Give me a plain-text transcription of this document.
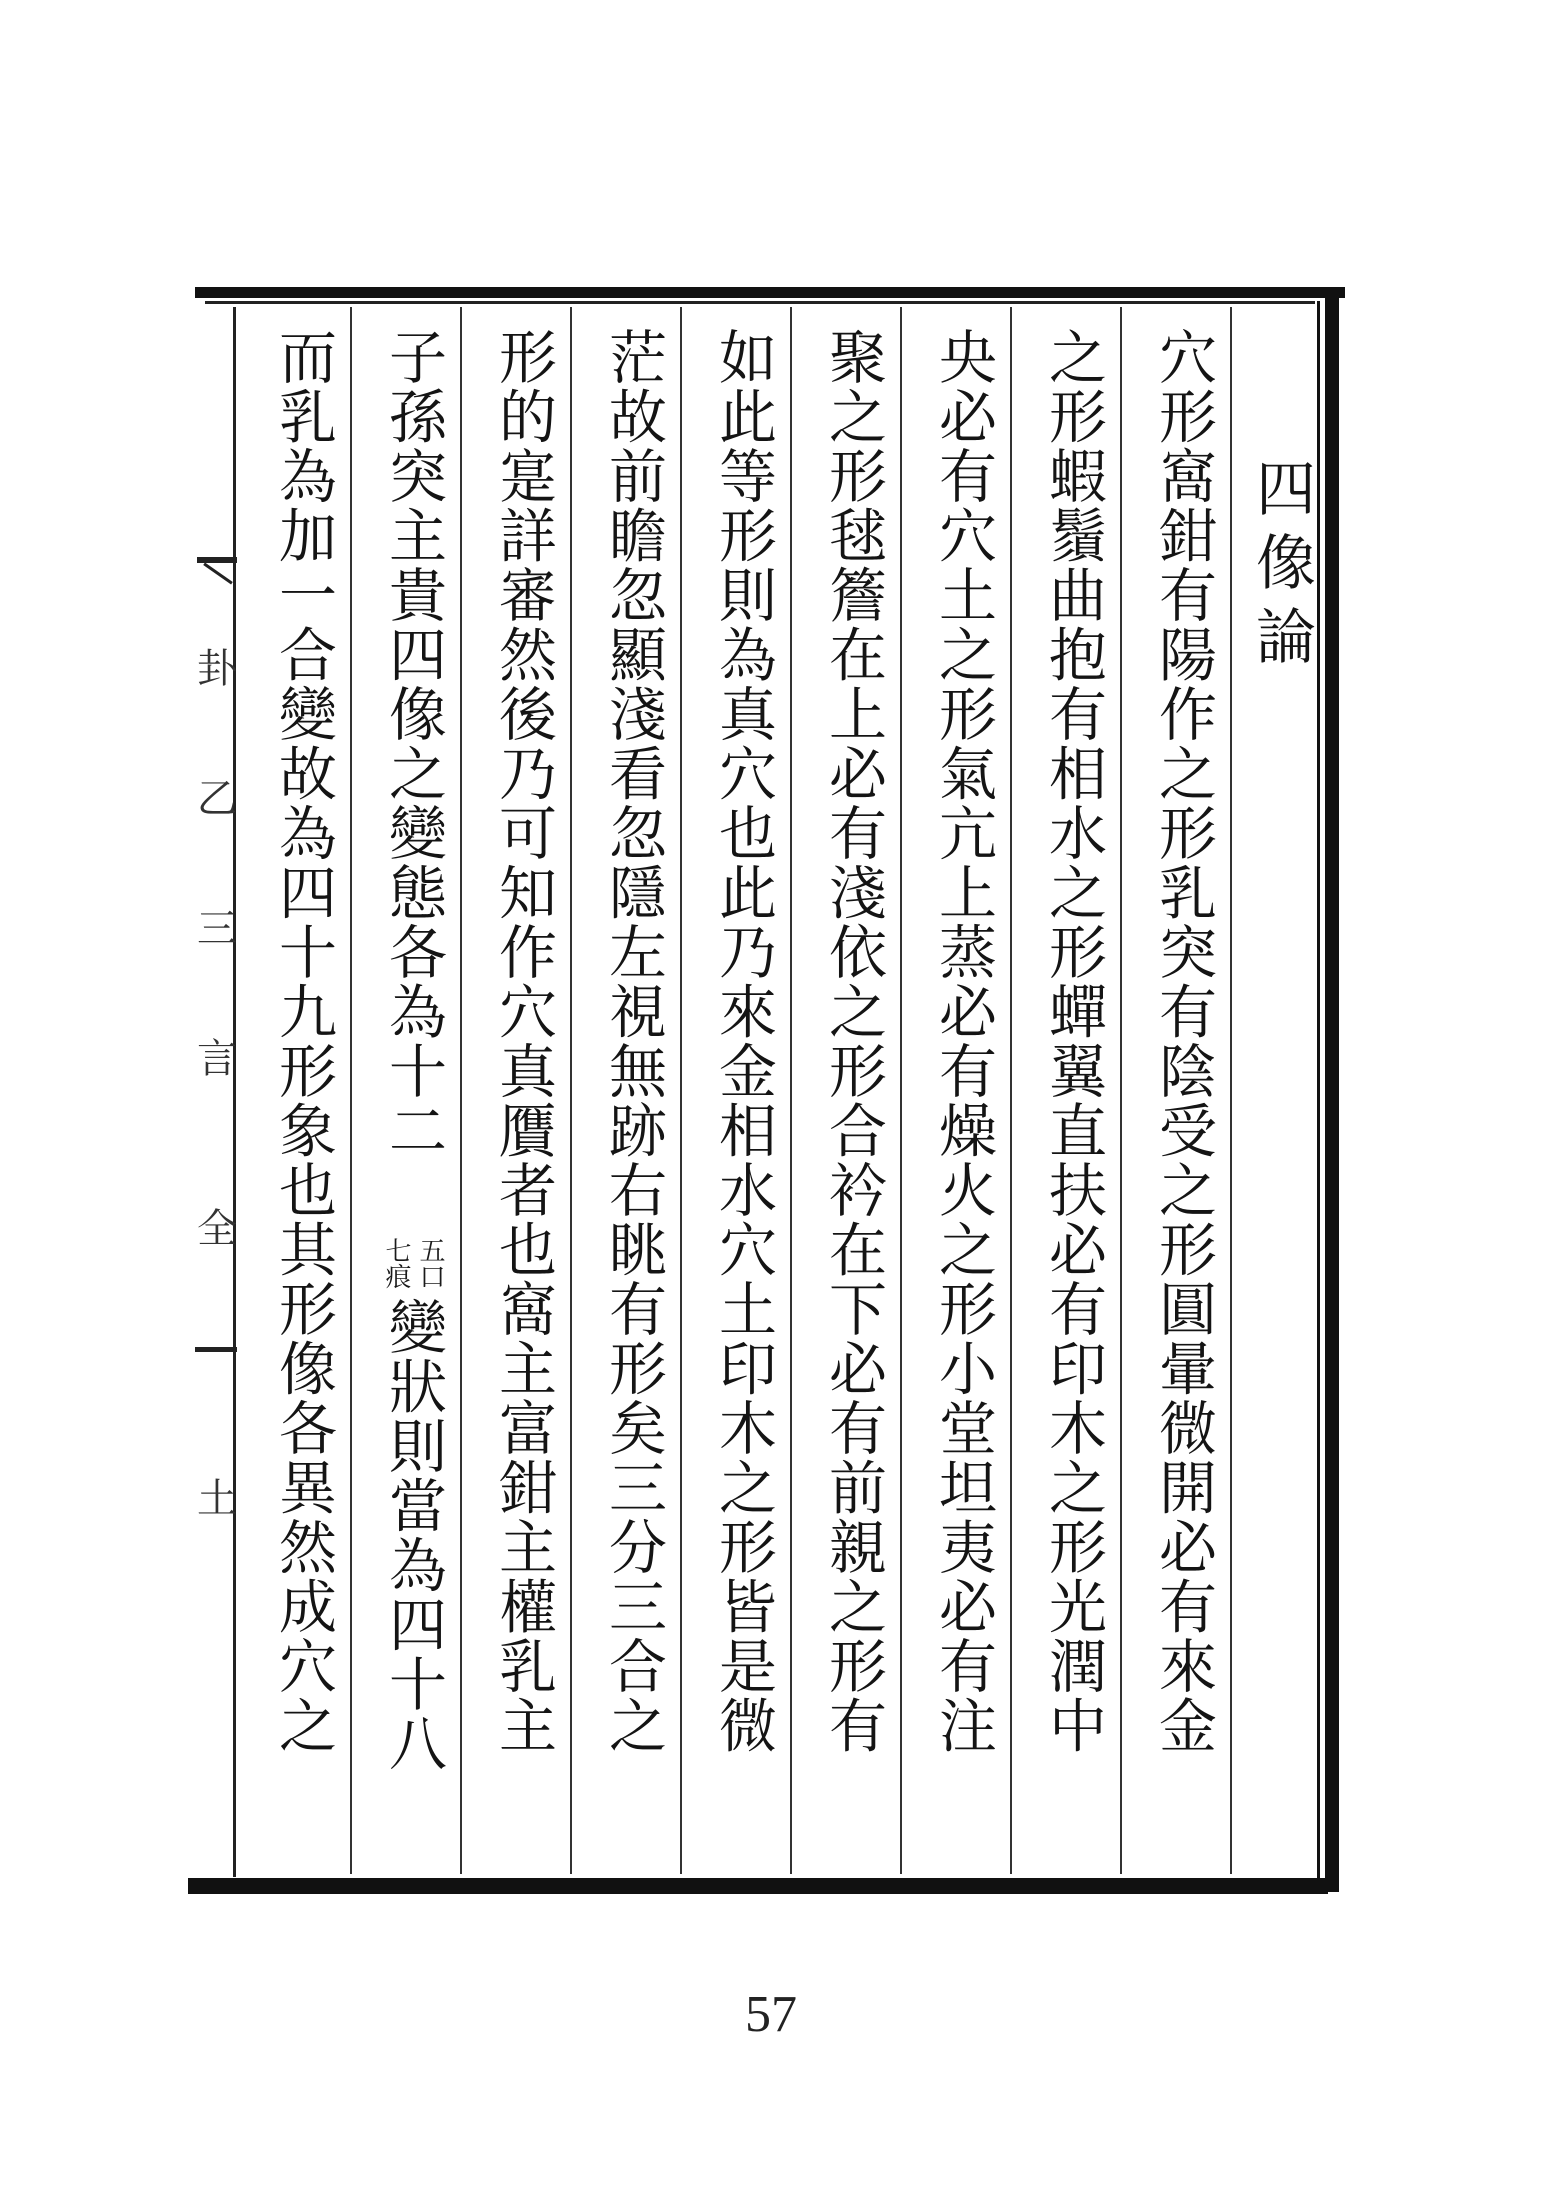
卦
乙
三
言
全
土
四像論
穴形窩鉗有陽作之形乳突有陰受之形圓暈微開必有來金
之形蝦鬚曲抱有相水之形蟬翼直扶必有印木之形光潤中
央必有穴土之形氣亢上蒸必有燥火之形小堂坦夷必有注
聚之形毬簷在上必有淺依之形合衿在下必有前親之形有
如此等形則為真穴也此乃來金相水穴土印木之形皆是微
茫故前瞻忽顯淺看忽隱左視無跡右眺有形矣三分三合之
形的寔詳審然後乃可知作穴真贋者也窩主富鉗主權乳主
子孫突主貴四像之變態各為十二
五口
七痕
變狀則當為四十八
而乳為加一合變故為四十九形象也其形像各異然成穴之
57
